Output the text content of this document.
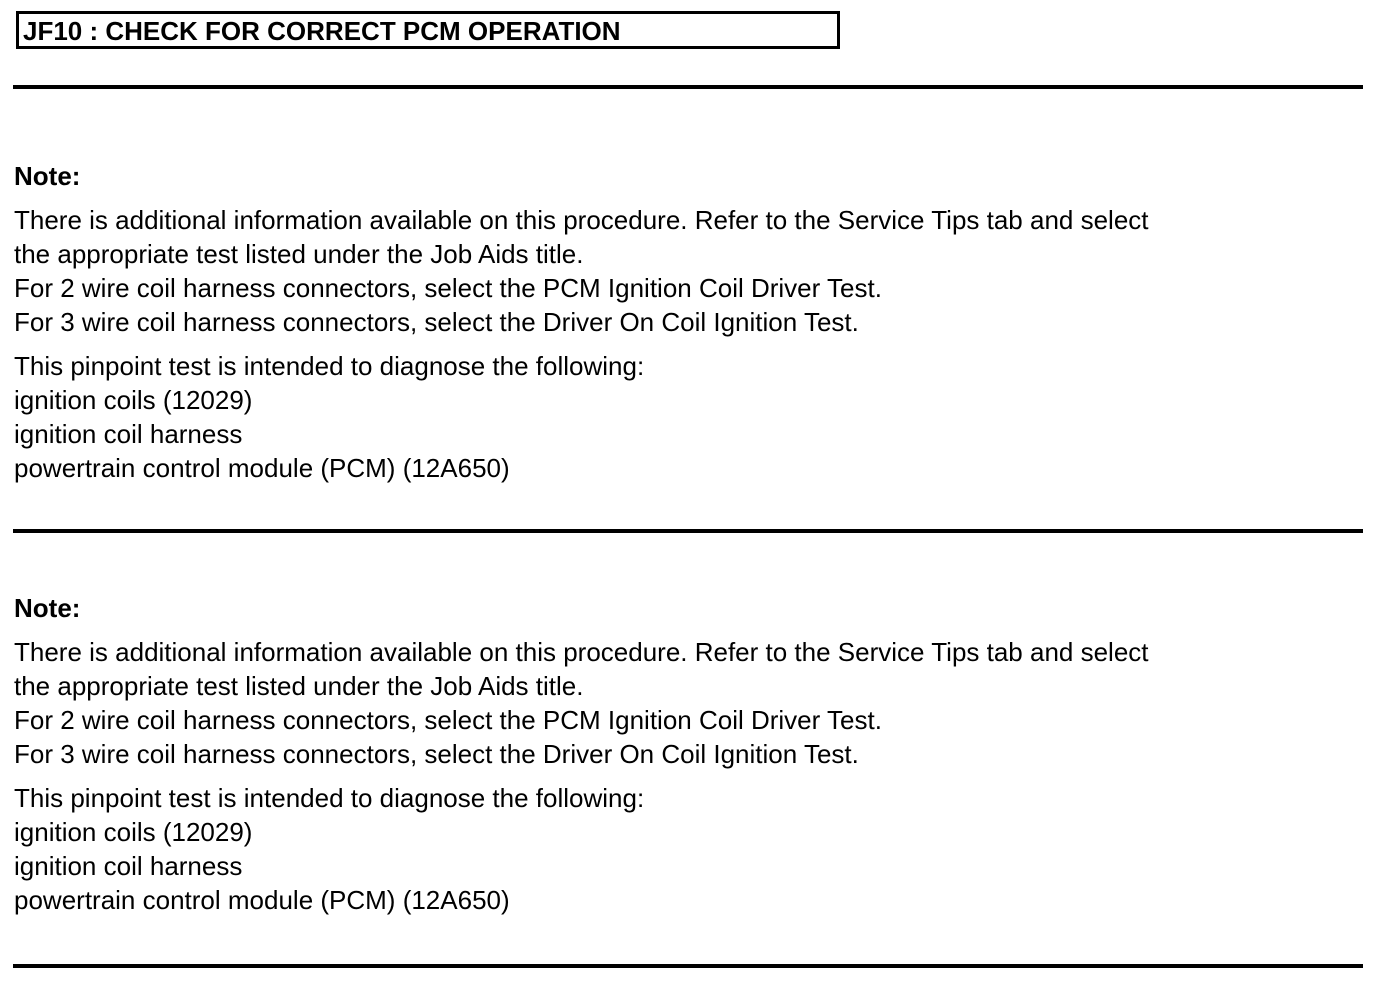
JF10 : CHECK FOR CORRECT PCM OPERATION
Note:
There is additional information available on this procedure. Refer to the Service Tips tab and select
the appropriate test listed under the Job Aids title.
For 2 wire coil harness connectors, select the PCM Ignition Coil Driver Test.
For 3 wire coil harness connectors, select the Driver On Coil Ignition Test.
This pinpoint test is intended to diagnose the following:
ignition coils (12029)
ignition coil harness
powertrain control module (PCM) (12A650)
Note:
There is additional information available on this procedure. Refer to the Service Tips tab and select
the appropriate test listed under the Job Aids title.
For 2 wire coil harness connectors, select the PCM Ignition Coil Driver Test.
For 3 wire coil harness connectors, select the Driver On Coil Ignition Test.
This pinpoint test is intended to diagnose the following:
ignition coils (12029)
ignition coil harness
powertrain control module (PCM) (12A650)
